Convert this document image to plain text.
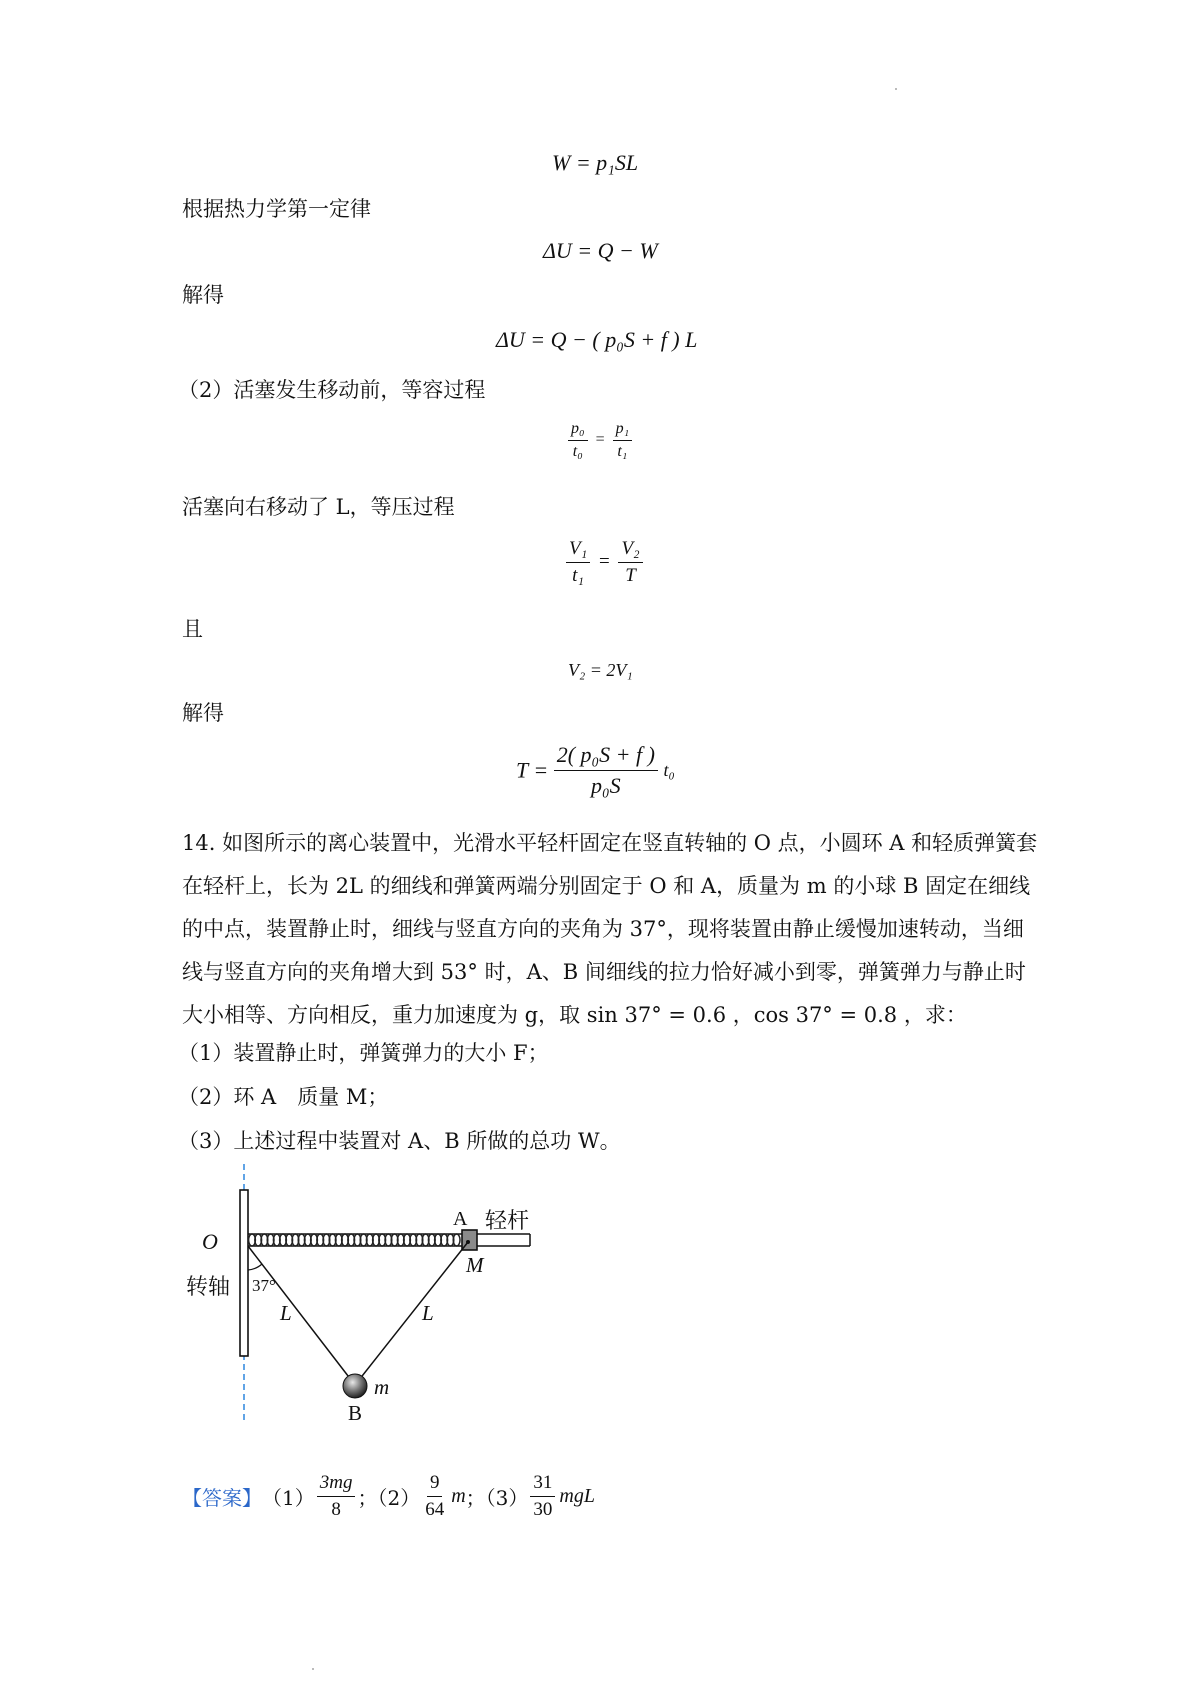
W = p₁SL
根据热力学第一定律
ΔU = Q − W
解得
ΔU = Q − ( p₀S + f ) L
（2）活塞发生移动前，等容过程
$\frac{\text{p₀}}{\text{t₀}} = \frac{\text{p₁}}{\text{t₁}}$
活塞向右移动了 L，等压过程
$\frac{\text{V₁}}{\text{t₁}} = \frac{\text{V₂}}{T}$
且
V₂ = 2V₁
解得
$T = \frac{\text{2( p₀S + f )}}{\text{p₀S}} t_0$
14. 如图所示的离心装置中，光滑水平轻杆固定在竖直转轴的 O 点，小圆环 A 和轻质弹簧套在轻杆上，长为 2L 的细线和弹簧两端分别固定于 O 和 A，质量为 m 的小球 B 固定在细线的中点，装置静止时，细线与竖直方向的夹角为 37°，现将装置由静止缓慢加速转动，当细线与竖直方向的夹角增大到 53° 时，A、B 间细线的拉力恰好减小到零，弹簧弹力与静止时大小相等、方向相反，重力加速度为 g，取 sin 37° = 0.6 ，cos 37° = 0.8 ，求：
（1）装置静止时，弹簧弹力的大小 F；
（2）环 A　质量 M；
（3）上述过程中装置对 A、B 所做的总功 W。
A 轻杆
O
M
转轴 37°
L	L
m
B
【答案】 $(1) \frac{3mg}{8}$ ；$(2) \frac{9}{64}$ m ；$(3) \frac{31}{30}$ mgL
